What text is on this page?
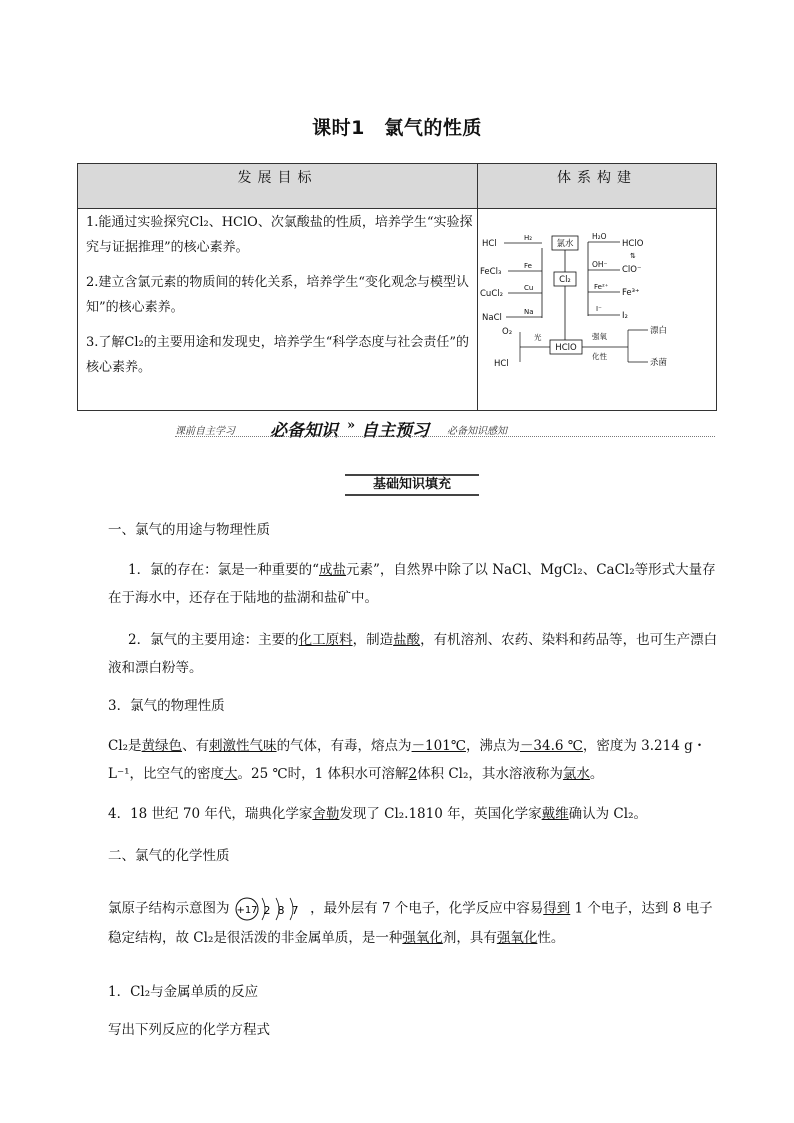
课时1　氯气的性质
发展目标	体系构建

1.能通过实验探究Cl₂、HClO、次氯酸盐的性质，培养学生“实验探究与证据推理”的核心素养。

2.建立含氯元素的物质间的转化关系，培养学生“变化观念与模型认知”的核心素养。

3.了解Cl₂的主要用途和发现史，培养学生“科学态度与社会责任”的核心素养。

氯水
Cl₂
HClO
HCl
H₂
FeCl₃
Fe
CuCl₂
Cu
NaCl
Na
H₂O
HClO
⇅
OH⁻
ClO⁻
Fe²⁺
Fe³⁺
I⁻
I₂
O₂
光
HCl
强氧
化性
漂白
杀菌
课前自主学习 必备知识 » 自主预习 必备知识感知
基础知识填充
一、氯气的用途与物理性质
1．氯的存在：氯是一种重要的“成盐元素”，自然界中除了以 NaCl、MgCl₂、CaCl₂等形式大量存在于海水中，还存在于陆地的盐湖和盐矿中。
2．氯气的主要用途：主要的化工原料，制造盐酸，有机溶剂、农药、染料和药品等，也可生产漂白液和漂白粉等。
3．氯气的物理性质
Cl₂是黄绿色、有刺激性气味的气体，有毒，熔点为－101℃，沸点为－34.6 ℃，密度为 3.214 g・L⁻¹，比空气的密度大。25 ℃时，1 体积水可溶解2体积 Cl₂，其水溶液称为氯水。
4．18 世纪 70 年代，瑞典化学家舍勒发现了 Cl₂.1810 年，英国化学家戴维确认为 Cl₂。
二、氯气的化学性质
氯原子结构示意图为 +17 2 8 7 ，最外层有 7 个电子，化学反应中容易得到 1 个电子，达到 8 电子稳定结构，故 Cl₂是很活泼的非金属单质，是一种强氧化剂，具有强氧化性。
1．Cl₂与金属单质的反应
写出下列反应的化学方程式
